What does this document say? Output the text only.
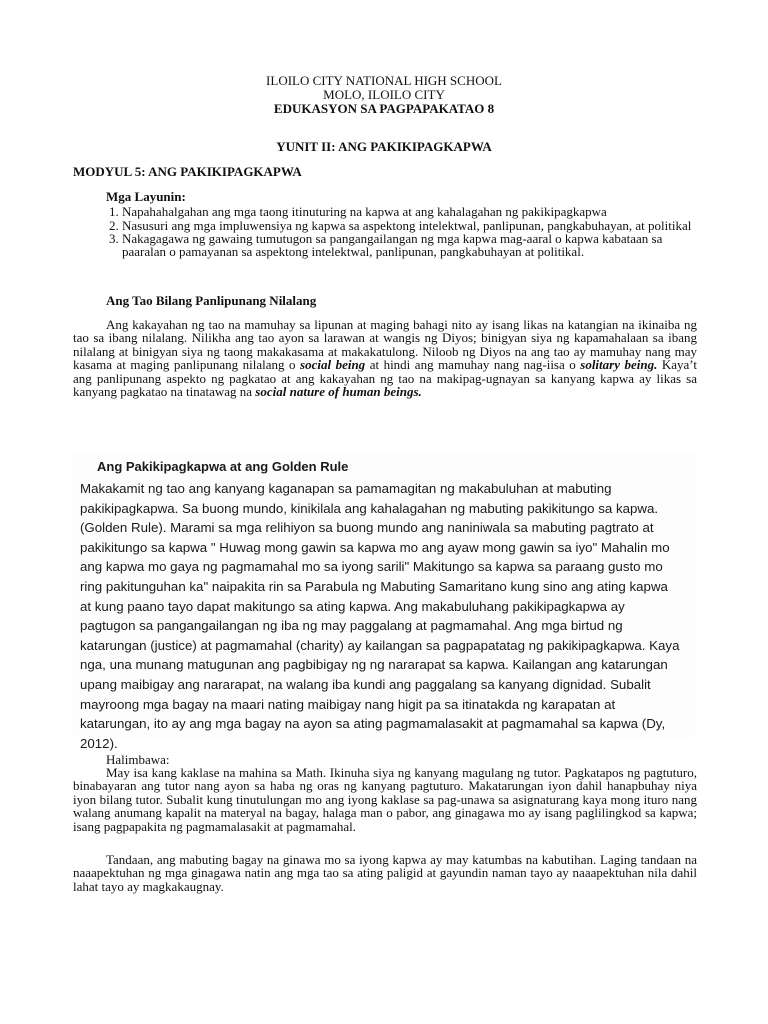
ILOILO CITY NATIONAL HIGH SCHOOL
MOLO, ILOILO CITY
EDUKASYON SA PAGPAPAKATAO 8
YUNIT II: ANG PAKIKIPAGKAPWA
MODYUL 5: ANG PAKIKIPAGKAPWA
Mga Layunin:
1. Napahahalgahan ang mga taong itinuturing na kapwa at ang kahalagahan ng pakikipagkapwa
2. Nasusuri ang mga impluwensiya ng kapwa sa aspektong intelektwal, panlipunan, pangkabuhayan, at politikal
3. Nakagagawa ng gawaing tumutugon sa pangangailangan ng mga kapwa mag-aaral o kapwa kabataan sa paaralan o pamayanan sa aspektong intelektwal, panlipunan, pangkabuhayan at politikal.
Ang Tao Bilang Panlipunang Nilalang
Ang kakayahan ng tao na mamuhay sa lipunan at maging bahagi nito ay isang likas na katangian na ikinaiba ng tao sa ibang nilalang. Nilikha ang tao ayon sa larawan at wangis ng Diyos; binigyan siya ng kapamahalaan sa ibang nilalang at binigyan siya ng taong makakasama at makakatulong. Niloob ng Diyos na ang tao ay mamuhay nang may kasama at maging panlipunang nilalang o social being at hindi ang mamuhay nang nag-iisa o solitary being. Kaya’t ang panlipunang aspekto ng pagkatao at ang kakayahan ng tao na makipag-ugnayan sa kanyang kapwa ay likas sa kanyang pagkatao na tinatawag na social nature of human beings.
Ang Pakikipagkapwa at ang Golden Rule
Makakamit ng tao ang kanyang kaganapan sa pamamagitan ng makabuluhan at mabuting
pakikipagkapwa. Sa buong mundo, kinikilala ang kahalagahan ng mabuting pakikitungo sa kapwa.
(Golden Rule). Marami sa mga relihiyon sa buong mundo ang naniniwala sa mabuting pagtrato at
pakikitungo sa kapwa " Huwag mong gawin sa kapwa mo ang ayaw mong gawin sa iyo" Mahalin mo
ang kapwa mo gaya ng pagmamahal mo sa iyong sarili" Makitungo sa kapwa sa paraang gusto mo
ring pakitunguhan ka" naipakita rin sa Parabula ng Mabuting Samaritano kung sino ang ating kapwa
at kung paano tayo dapat makitungo sa ating kapwa. Ang makabuluhang pakikipagkapwa ay
pagtugon sa pangangailangan ng iba ng may paggalang at pagmamahal. Ang mga birtud ng
katarungan (justice) at pagmamahal (charity) ay kailangan sa pagpapatatag ng pakikipagkapwa. Kaya
nga, una munang matugunan ang pagbibigay ng ng nararapat sa kapwa. Kailangan ang katarungan
upang maibigay ang nararapat, na walang iba kundi ang paggalang sa kanyang dignidad. Subalit
mayroong mga bagay na maari nating maibigay nang higit pa sa itinatakda ng karapatan at
katarungan, ito ay ang mga bagay na ayon sa ating pagmamalasakit at pagmamahal sa kapwa (Dy,
2012).
Halimbawa:
May isa kang kaklase na mahina sa Math. Ikinuha siya ng kanyang magulang ng tutor. Pagkatapos ng pagtuturo, binabayaran ang tutor nang ayon sa haba ng oras ng kanyang pagtuturo. Makatarungan iyon dahil hanapbuhay niya iyon bilang tutor. Subalit kung tinutulungan mo ang iyong kaklase sa pag-unawa sa asignaturang kaya mong ituro nang walang anumang kapalit na materyal na bagay, halaga man o pabor, ang ginagawa mo ay isang paglilingkod sa kapwa; isang pagpapakita ng pagmamalasakit at pagmamahal.
Tandaan, ang mabuting bagay na ginawa mo sa iyong kapwa ay may katumbas na kabutihan. Laging tandaan na naaapektuhan ng mga ginagawa natin ang mga tao sa ating paligid at gayundin naman tayo ay naaapektuhan nila dahil lahat tayo ay magkakaugnay.
